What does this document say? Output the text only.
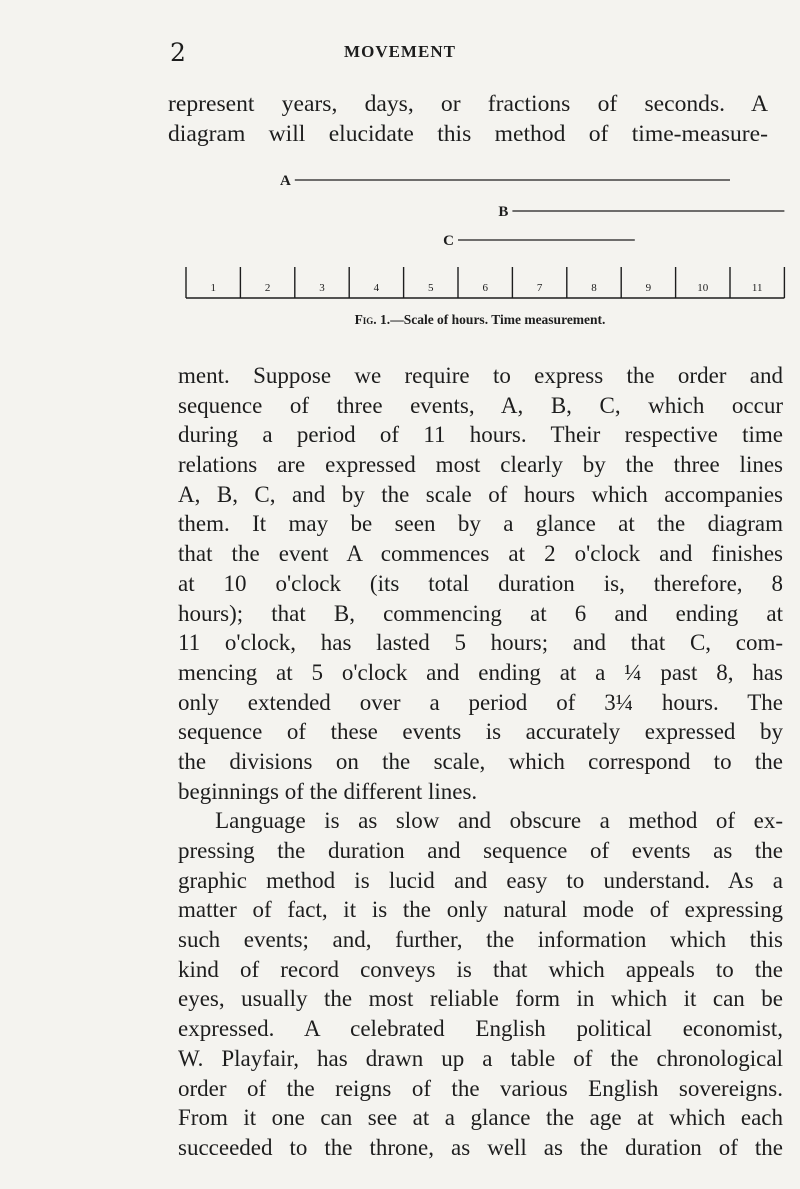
2	MOVEMENT
represent years, days, or fractions of seconds. A
diagram will elucidate this method of time-measure-
A
B
C
1	2	3	4	5	6	7	8	9	10	11
Fig. 1.—Scale of hours. Time measurement.
ment. Suppose we require to express the order and
sequence of three events, A, B, C, which occur
during a period of 11 hours. Their respective time
relations are expressed most clearly by the three lines
A, B, C, and by the scale of hours which accompanies
them. It may be seen by a glance at the diagram
that the event A commences at 2 o'clock and finishes
at 10 o'clock (its total duration is, therefore, 8
hours); that B, commencing at 6 and ending at
11 o'clock, has lasted 5 hours; and that C, com-
mencing at 5 o'clock and ending at a ¼ past 8, has
only extended over a period of 3¼ hours. The
sequence of these events is accurately expressed by
the divisions on the scale, which correspond to the
beginnings of the different lines.
Language is as slow and obscure a method of ex-
pressing the duration and sequence of events as the
graphic method is lucid and easy to understand. As a
matter of fact, it is the only natural mode of expressing
such events; and, further, the information which this
kind of record conveys is that which appeals to the
eyes, usually the most reliable form in which it can be
expressed. A celebrated English political economist,
W. Playfair, has drawn up a table of the chronological
order of the reigns of the various English sovereigns.
From it one can see at a glance the age at which each
succeeded to the throne, as well as the duration of the
